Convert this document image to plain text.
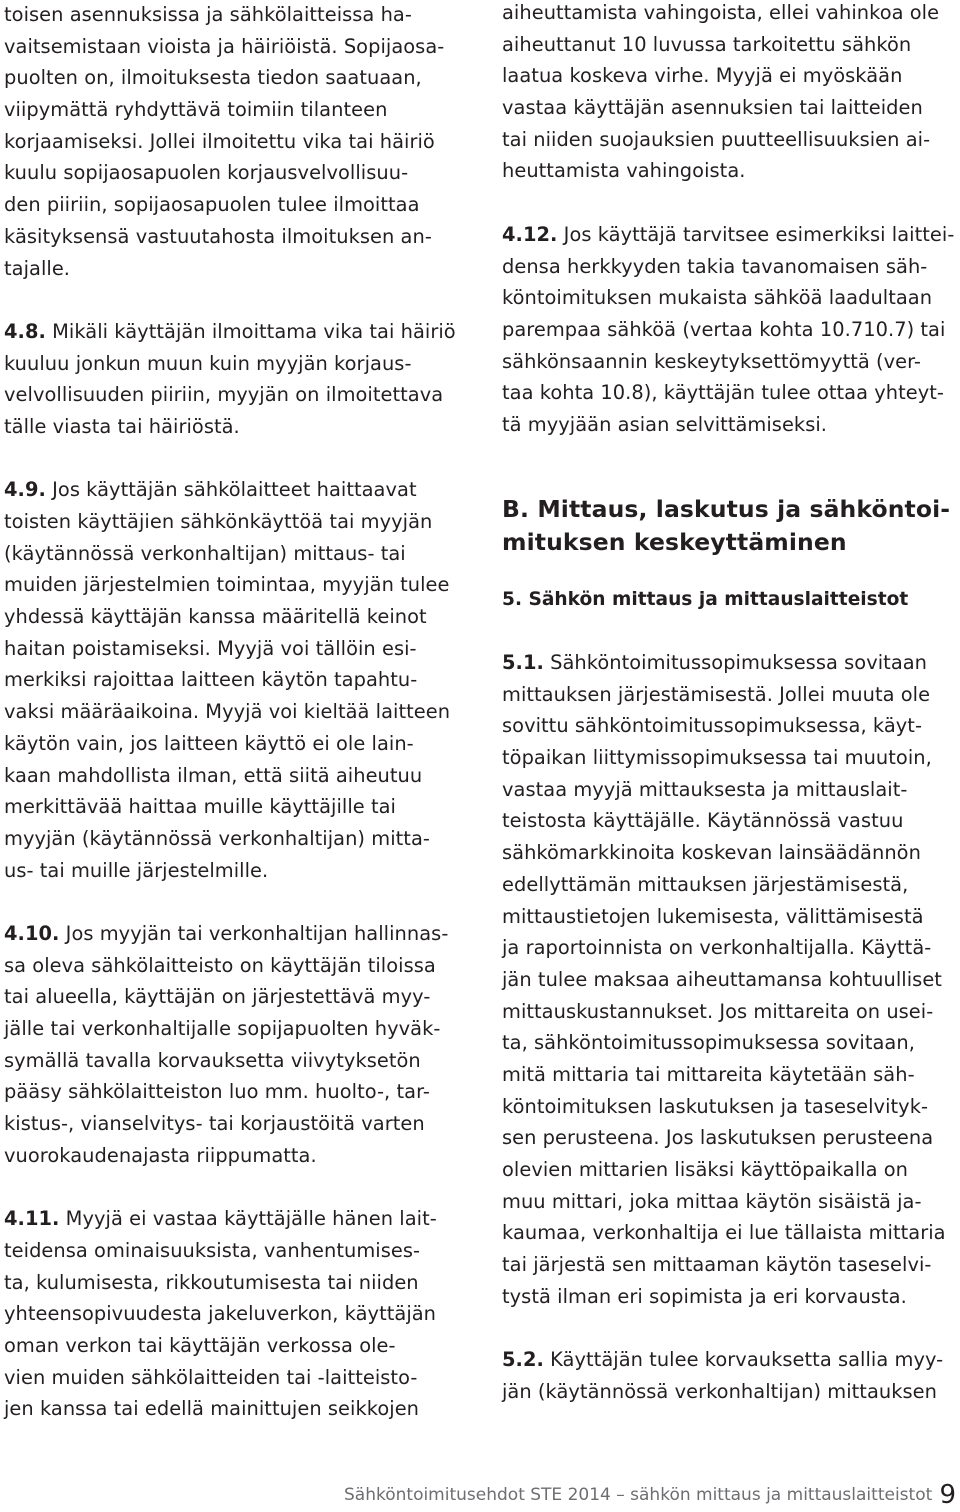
toisen asennuksissa ja sähkölaitteissa ha-
vaitsemistaan vioista ja häiriöistä. Sopijaosa-
puolten on, ilmoituksesta tiedon saatuaan,
viipymättä ryhdyttävä toimiin tilanteen
korjaamiseksi. Jollei ilmoitettu vika tai häiriö
kuulu sopijaosapuolen korjausvelvollisuu-
den piiriin, sopijaosapuolen tulee ilmoittaa
käsityksensä vastuutahosta ilmoituksen an-
tajalle.
4.8. Mikäli käyttäjän ilmoittama vika tai häiriö
kuuluu jonkun muun kuin myyjän korjaus-
velvollisuuden piiriin, myyjän on ilmoitettava
tälle viasta tai häiriöstä.
4.9. Jos käyttäjän sähkölaitteet haittaavat
toisten käyttäjien sähkönkäyttöä tai myyjän
(käytännössä verkonhaltijan) mittaus- tai
muiden järjestelmien toimintaa, myyjän tulee
yhdessä käyttäjän kanssa määritellä keinot
haitan poistamiseksi. Myyjä voi tällöin esi-
merkiksi rajoittaa laitteen käytön tapahtu-
vaksi määräaikoina. Myyjä voi kieltää laitteen
käytön vain, jos laitteen käyttö ei ole lain-
kaan mahdollista ilman, että siitä aiheutuu
merkittävää haittaa muille käyttäjille tai
myyjän (käytännössä verkonhaltijan) mitta-
us- tai muille järjestelmille.
4.10. Jos myyjän tai verkonhaltijan hallinnas-
sa oleva sähkölaitteisto on käyttäjän tiloissa
tai alueella, käyttäjän on järjestettävä myy-
jälle tai verkonhaltijalle sopijapuolten hyväk-
symällä tavalla korvauksetta viivytyksetön
pääsy sähkölaitteiston luo mm. huolto-, tar-
kistus-, vianselvitys- tai korjaustöitä varten
vuorokaudenajasta riippumatta.
4.11. Myyjä ei vastaa käyttäjälle hänen lait-
teidensa ominaisuuksista, vanhentumises-
ta, kulumisesta, rikkoutumisesta tai niiden
yhteensopivuudesta jakeluverkon, käyttäjän
oman verkon tai käyttäjän verkossa ole-
vien muiden sähkölaitteiden tai -laitteisto-
jen kanssa tai edellä mainittujen seikkojen
aiheuttamista vahingoista, ellei vahinkoa ole
aiheuttanut 10 luvussa tarkoitettu sähkön
laatua koskeva virhe. Myyjä ei myöskään
vastaa käyttäjän asennuksien tai laitteiden
tai niiden suojauksien puutteellisuuksien ai-
heuttamista vahingoista.
4.12. Jos käyttäjä tarvitsee esimerkiksi laittei-
densa herkkyyden takia tavanomaisen säh-
köntoimituksen mukaista sähköä laadultaan
parempaa sähköä (vertaa kohta 10.710.7) tai
sähkönsaannin keskeytyksettömyyttä (ver-
taa kohta 10.8), käyttäjän tulee ottaa yhteyt-
tä myyjään asian selvittämiseksi.
B. Mittaus, laskutus ja sähköntoi-
mituksen keskeyttäminen
5. Sähkön mittaus ja mittauslaitteistot
5.1. Sähköntoimitussopimuksessa sovitaan
mittauksen järjestämisestä. Jollei muuta ole
sovittu sähköntoimitussopimuksessa, käyt-
töpaikan liittymissopimuksessa tai muutoin,
vastaa myyjä mittauksesta ja mittauslait-
teistosta käyttäjälle. Käytännössä vastuu
sähkömarkkinoita koskevan lainsäädännön
edellyttämän mittauksen järjestämisestä,
mittaustietojen lukemisesta, välittämisestä
ja raportoinnista on verkonhaltijalla. Käyttä-
jän tulee maksaa aiheuttamansa kohtuulliset
mittauskustannukset. Jos mittareita on usei-
ta, sähköntoimitussopimuksessa sovitaan,
mitä mittaria tai mittareita käytetään säh-
köntoimituksen laskutuksen ja taseselvityk-
sen perusteena. Jos laskutuksen perusteena
olevien mittarien lisäksi käyttöpaikalla on
muu mittari, joka mittaa käytön sisäistä ja-
kaumaa, verkonhaltija ei lue tällaista mittaria
tai järjestä sen mittaaman käytön taseselvi-
tystä ilman eri sopimista ja eri korvausta.
5.2. Käyttäjän tulee korvauksetta sallia myy-
jän (käytännössä verkonhaltijan) mittauksen
Sähköntoimitusehdot STE 2014 – sähkön mittaus ja mittauslaitteistot 9
